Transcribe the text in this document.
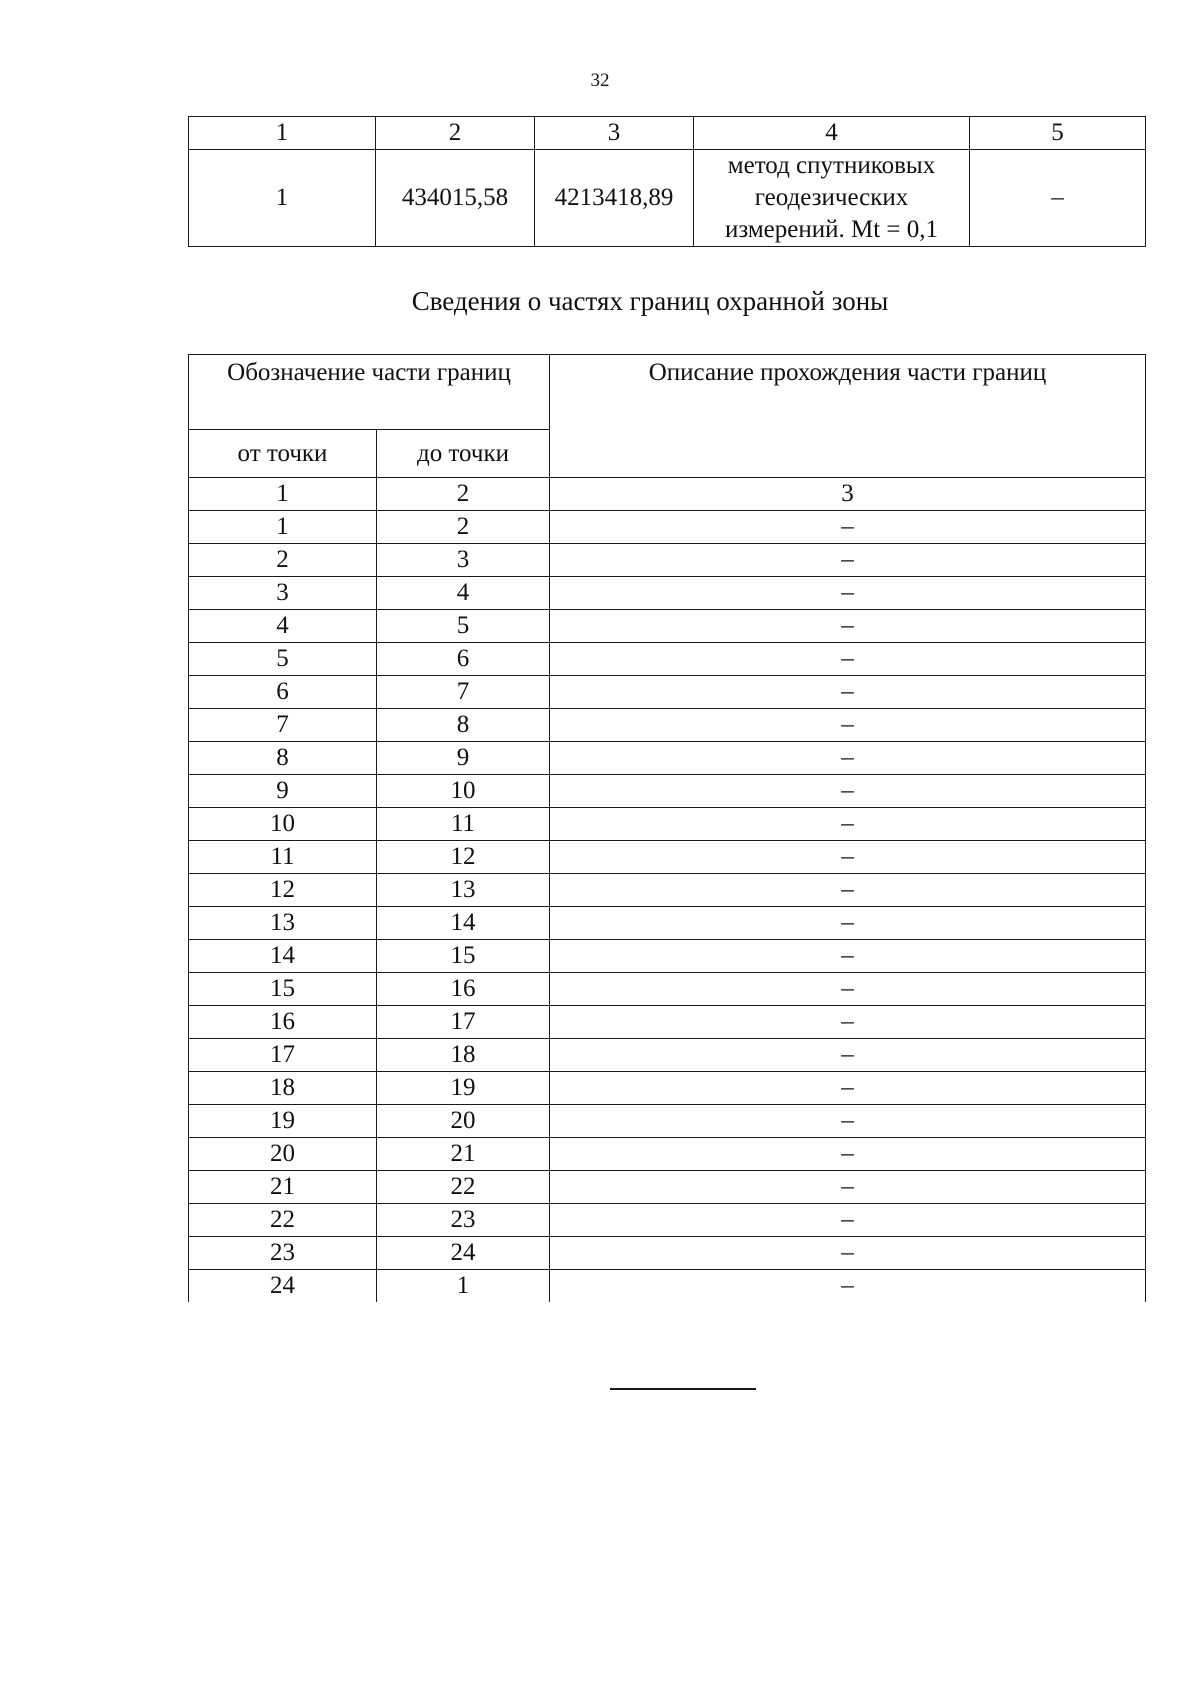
32
1	2	3	4	5
1	434015,58	4213418,89	метод спутниковых
геодезических
измерений. Mt = 0,1	–
Сведения о частях границ охранной зоны
Обозначение части границ		Описание прохождения части границ
от точки	до точки	
1	2	3
1	2	–
2	3	–
3	4	–
4	5	–
5	6	–
6	7	–
7	8	–
8	9	–
9	10	–
10	11	–
11	12	–
12	13	–
13	14	–
14	15	–
15	16	–
16	17	–
17	18	–
18	19	–
19	20	–
20	21	–
21	22	–
22	23	–
23	24	–
24	1	–
